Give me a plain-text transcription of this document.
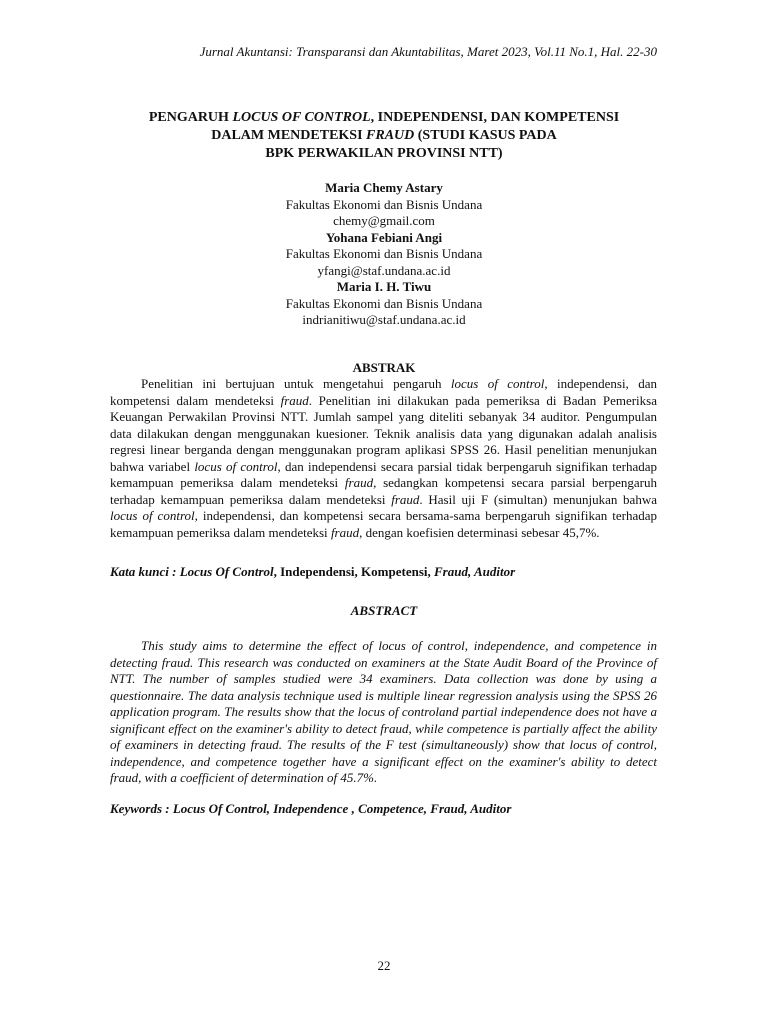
Jurnal Akuntansi: Transparansi dan Akuntabilitas, Maret 2023, Vol.11 No.1, Hal. 22-30
PENGARUH LOCUS OF CONTROL, INDEPENDENSI, DAN KOMPETENSI
DALAM MENDETEKSI FRAUD (STUDI KASUS PADA
BPK PERWAKILAN PROVINSI NTT)
Maria Chemy Astary
Fakultas Ekonomi dan Bisnis Undana
chemy@gmail.com
Yohana Febiani Angi
Fakultas Ekonomi dan Bisnis Undana
yfangi@staf.undana.ac.id
Maria I. H. Tiwu
Fakultas Ekonomi dan Bisnis Undana
indrianitiwu@staf.undana.ac.id
ABSTRAK

Penelitian ini bertujuan untuk mengetahui pengaruh locus of control, independensi, dan kompetensi dalam mendeteksi fraud. Penelitian ini dilakukan pada pemeriksa di Badan Pemeriksa Keuangan Perwakilan Provinsi NTT. Jumlah sampel yang diteliti sebanyak 34 auditor. Pengumpulan data dilakukan dengan menggunakan kuesioner. Teknik analisis data yang digunakan adalah analisis regresi linear berganda dengan menggunakan program aplikasi SPSS 26. Hasil penelitian menunjukan bahwa variabel locus of control, dan independensi secara parsial tidak berpengaruh signifikan terhadap kemampuan pemeriksa dalam mendeteksi fraud, sedangkan kompetensi secara parsial berpengaruh terhadap kemampuan pemeriksa dalam mendeteksi fraud. Hasil uji F (simultan) menunjukan bahwa locus of control, independensi, dan kompetensi secara bersama-sama berpengaruh signifikan terhadap kemampuan pemeriksa dalam mendeteksi fraud, dengan koefisien determinasi sebesar 45,7%.

Kata kunci : Locus Of Control, Independensi, Kompetensi, Fraud, Auditor
ABSTRACT

This study aims to determine the effect of locus of control, independence, and competence in detecting fraud. This research was conducted on examiners at the State Audit Board of the Province of NTT. The number of samples studied were 34 examiners. Data collection was done by using a questionnaire. The data analysis technique used is multiple linear regression analysis using the SPSS 26 application program. The results show that the locus of controland partial independence does not have a significant effect on the examiner's ability to detect fraud, while competence is partially affect the ability of examiners in detecting fraud. The results of the F test (simultaneously) show that locus of control, independence, and competence together have a significant effect on the examiner's ability to detect fraud, with a coefficient of determination of 45.7%.

Keywords : Locus Of Control, Independence , Competence, Fraud, Auditor
22
